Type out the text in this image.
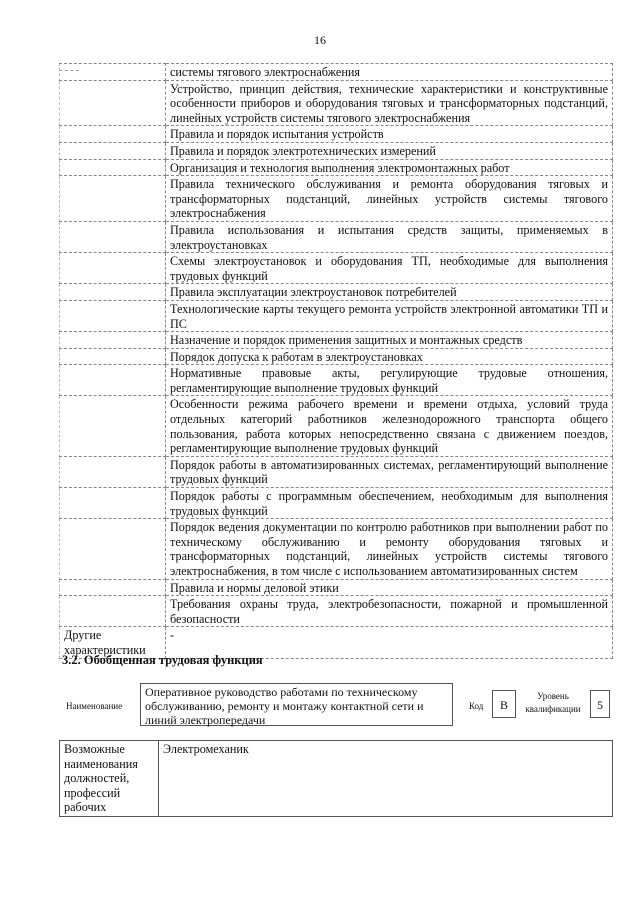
16
	системы тягового электроснабжения
	Устройство, принцип действия, технические характеристики и конструктивные особенности приборов и оборудования тяговых и трансформаторных подстанций, линейных устройств системы тягового электроснабжения
	Правила и порядок испытания устройств
	Правила и порядок электротехнических измерений
	Организация и технология выполнения электромонтажных работ
	Правила технического обслуживания и ремонта оборудования тяговых и трансформаторных подстанций, линейных устройств системы тягового электроснабжения
	Правила использования и испытания средств защиты, применяемых в электроустановках
	Схемы электроустановок и оборудования ТП, необходимые для выполнения трудовых функций
	Правила эксплуатации электроустановок потребителей
	Технологические карты текущего ремонта устройств электронной автоматики ТП и ПС
	Назначение и порядок применения защитных и монтажных средств
	Порядок допуска к работам в электроустановках
	Нормативные правовые акты, регулирующие трудовые отношения, регламентирующие выполнение трудовых функций
	Особенности режима рабочего времени и времени отдыха, условий труда отдельных категорий работников железнодорожного транспорта общего пользования, работа которых непосредственно связана с движением поездов, регламентирующие выполнение трудовых функций
	Порядок работы в автоматизированных системах, регламентирующий выполнение трудовых функций
	Порядок работы с программным обеспечением, необходимым для выполнения трудовых функций
	Порядок ведения документации по контролю работников при выполнении работ по техническому обслуживанию и ремонту оборудования тяговых и трансформаторных подстанций, линейных устройств системы тягового электроснабжения, в том числе с использованием автоматизированных систем
	Правила и нормы деловой этики
	Требования охраны труда, электробезопасности, пожарной и промышленной безопасности
Другие характеристики	-
3.2. Обобщенная трудовая функция
Наименование
Оперативное руководство работами по техническому обслуживанию, ремонту и монтажу контактной сети и линий электропередачи
Код	В
Уровень квалификации	5
Возможные наименования должностей, профессий рабочих	Электромеханик
